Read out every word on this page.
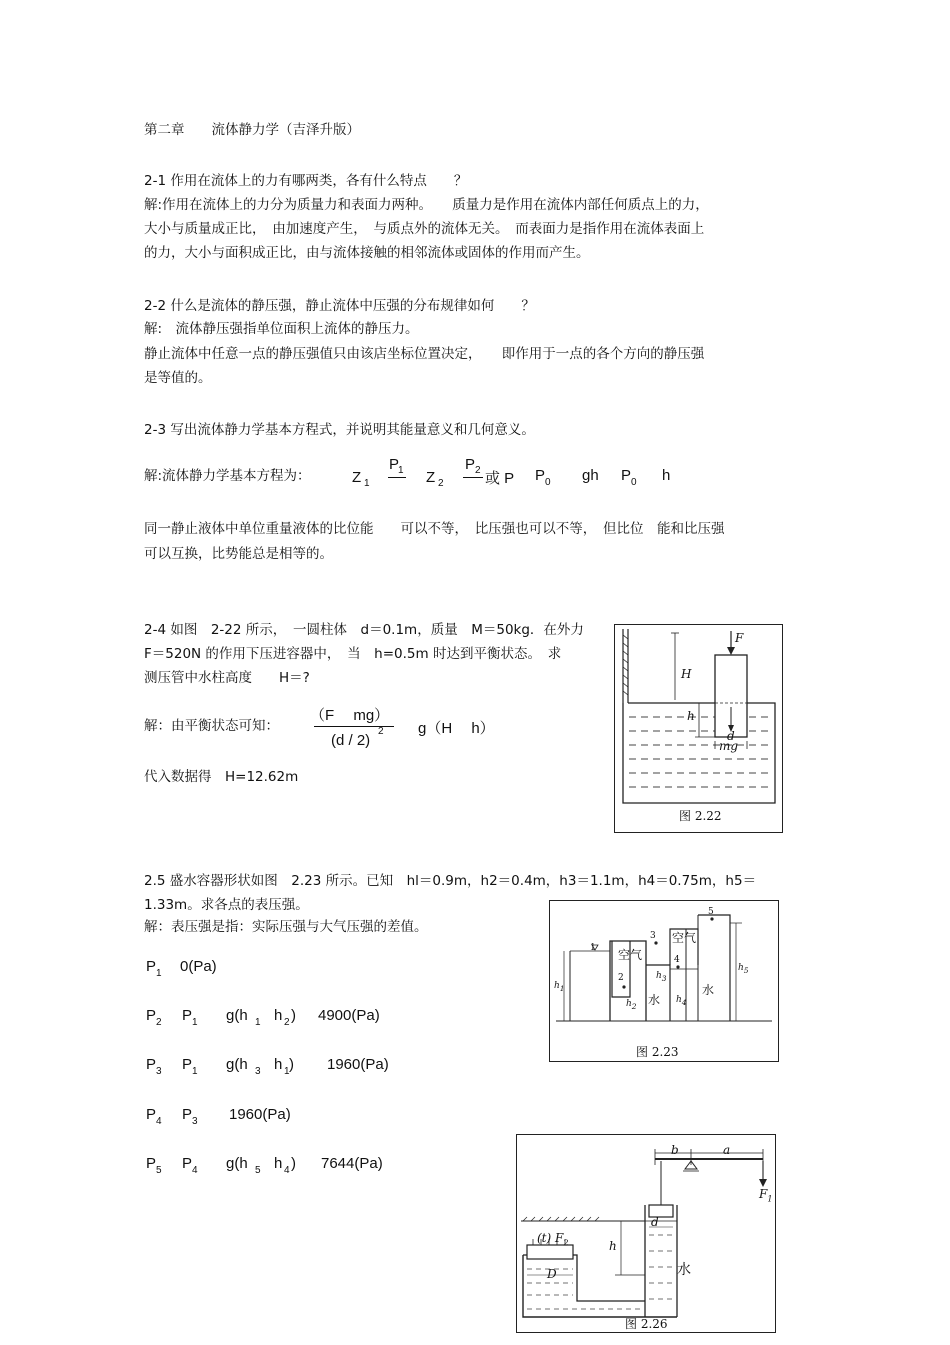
第二章　　流体静力学（吉泽升版）

2-1 作用在流体上的力有哪两类，各有什么特点　　？

解:作用在流体上的力分为质量力和表面力两种。　　质量力是作用在流体内部任何质点上的力，

大小与质量成正比，　由加速度产生，　与质点外的流体无关。　而表面力是指作用在流体表面上

的力，大小与面积成正比，由与流体接触的相邻流体或固体的作用而产生。

2-2 什么是流体的静压强，静止流体中压强的分布规律如何　　？

解:　流体静压强指单位面积上流体的静压力。

静止流体中任意一点的静压强值只由该店坐标位置决定，　　即作用于一点的各个方向的静压强

是等值的。

2-3 写出流体静力学基本方程式，并说明其能量意义和几何意义。

解:流体静力学基本方程为：	Z 1
P
1 Z 2
P 2 或 P P 0 gh P 0 h

同一静止液体中单位重量液体的比位能　　可以不等，　比压强也可以不等，　但比位　能和比压强

可以互换，比势能总是相等的。

2-4 如图　2-22 所示，　一圆柱体　d＝0.1m，质量　M＝50kg．在外力

F＝520N 的作用下压进容器中，　当　h=0.5m 时达到平衡状态。　求

测压管中水柱高度　　H＝?

解：由平衡状态可知：

（F　 mg）
(d / 2)
2 g（H　 h）

代入数据得　H=12.62m

H
F
h
mg
d
图 2.22

2.5 盛水容器形状如图　2.23 所示。已知　hl＝0.9m，h2＝0.4m，h3＝1.1m，h4＝0.75m，h5＝

1.33m。求各点的表压强。

解：表压强是指：实际压强与大气压强的差值。

P 1 0(Pa)
P 2 P 1 g(h 1 h 2 ) 4900(Pa)
P 3 P 1 g(h 3 h 1 ) 1960(Pa)
P 4 P 3 1960(Pa)
P 5 P 4 g(h 5 h 4 ) 7644(Pa)
空气
空气
水
水
1
2
3
4
5
$h_1$
$h_2$
$h_3$
$h_4$
$h_5$
图 2.23
b	a
$F_1$
d
h
水
(t) $F_2$
D
图 2.26
